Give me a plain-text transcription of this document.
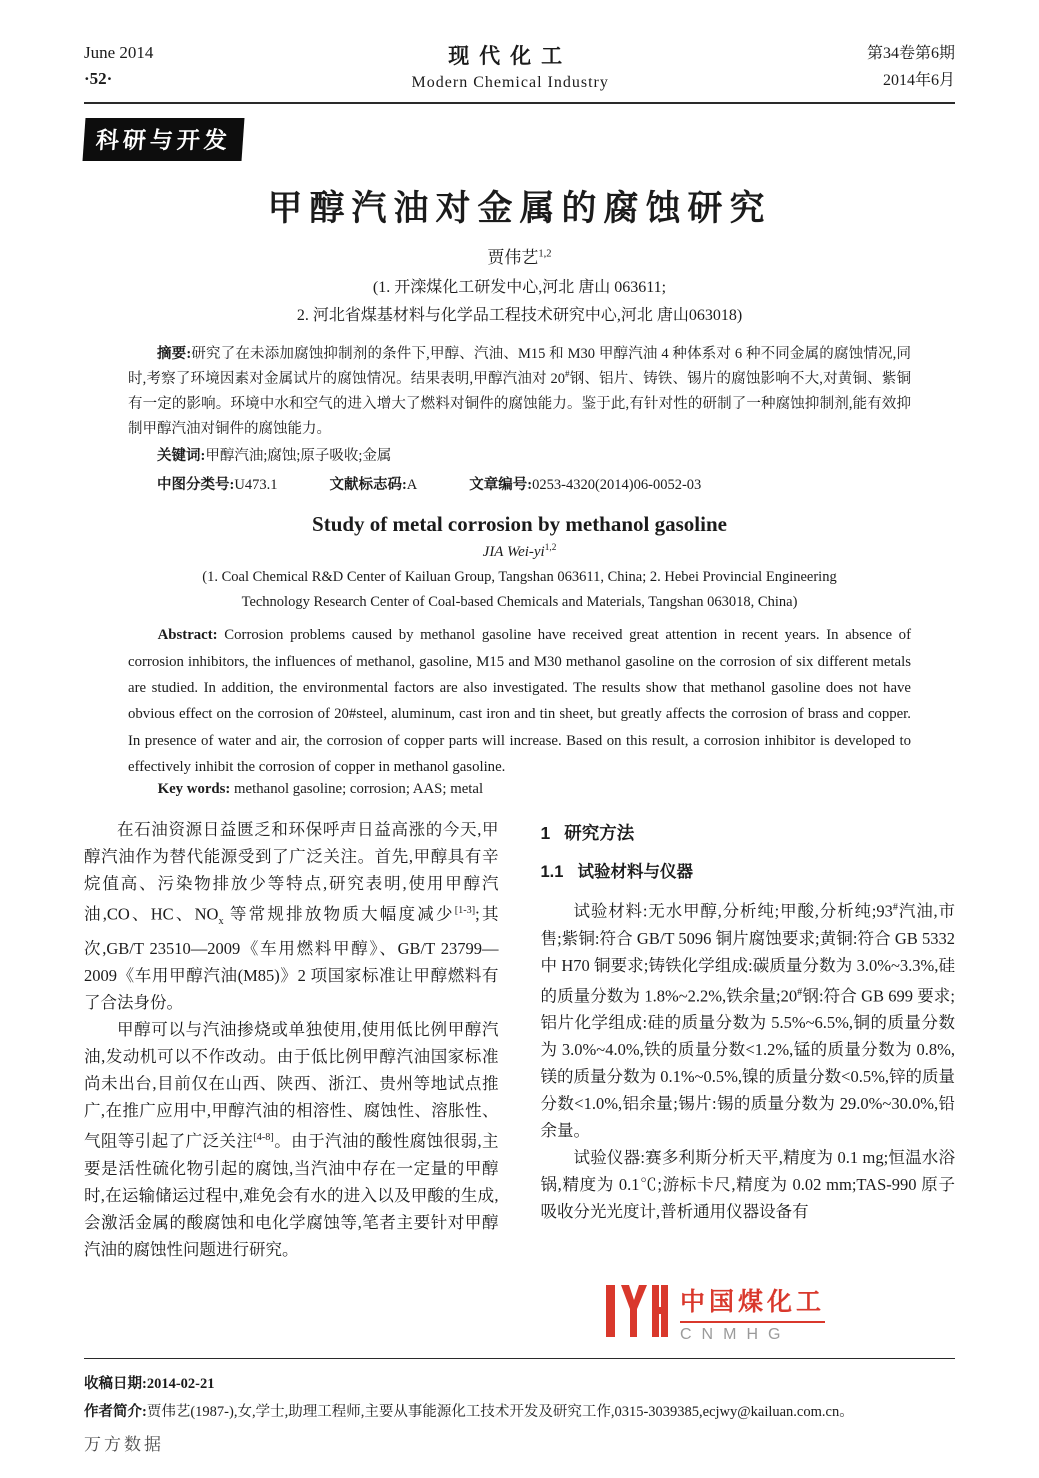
June 2014
·52·
现代化工
Modern Chemical Industry
第34卷第6期
2014年6月
科研与开发
甲醇汽油对金属的腐蚀研究
贾伟艺$^{1,2}$
(1. 开滦煤化工研发中心,河北 唐山 063611;
2. 河北省煤基材料与化学品工程技术研究中心,河北 唐山063018)
摘要:研究了在未添加腐蚀抑制剂的条件下,甲醇、汽油、M15 和 M30 甲醇汽油 4 种体系对 6 种不同金属的腐蚀情况,同时,考察了环境因素对金属试片的腐蚀情况。结果表明,甲醇汽油对 20#钢、铝片、铸铁、锡片的腐蚀影响不大,对黄铜、紫铜有一定的影响。环境中水和空气的进入增大了燃料对铜件的腐蚀能力。鉴于此,有针对性的研制了一种腐蚀抑制剂,能有效抑制甲醇汽油对铜件的腐蚀能力。
关键词:甲醇汽油;腐蚀;原子吸收;金属
中图分类号:U473.1	文献标志码:A	文章编号:0253-4320(2014)06-0052-03
Study of metal corrosion by methanol gasoline
JIA Wei-yi$^{1,2}$
(1. Coal Chemical R&D Center of Kailuan Group, Tangshan 063611, China; 2. Hebei Provincial Engineering
Technology Research Center of Coal-based Chemicals and Materials, Tangshan 063018, China)
Abstract: Corrosion problems caused by methanol gasoline have received great attention in recent years. In absence of corrosion inhibitors, the influences of methanol, gasoline, M15 and M30 methanol gasoline on the corrosion of six different metals are studied. In addition, the environmental factors are also investigated. The results show that methanol gasoline does not have obvious effect on the corrosion of 20#steel, aluminum, cast iron and tin sheet, but greatly affects the corrosion of brass and copper. In presence of water and air, the corrosion of copper parts will increase. Based on this result, a corrosion inhibitor is developed to effectively inhibit the corrosion of copper in methanol gasoline.
Key words: methanol gasoline; corrosion; AAS; metal

在石油资源日益匮乏和环保呼声日益高涨的今天,甲醇汽油作为替代能源受到了广泛关注。首先,甲醇具有辛烷值高、污染物排放少等特点,研究表明,使用甲醇汽油,CO、HC、$NO_x$ 等常规排放物质大幅度减少[1-3];其次,GB/T 23510—2009《车用燃料甲醇》、GB/T 23799—2009《车用甲醇汽油(M85)》2 项国家标准让甲醇燃料有了合法身份。

甲醇可以与汽油掺烧或单独使用,使用低比例甲醇汽油,发动机可以不作改动。由于低比例甲醇汽油国家标准尚未出台,目前仅在山西、陕西、浙江、贵州等地试点推广,在推广应用中,甲醇汽油的相溶性、腐蚀性、溶胀性、气阻等引起了广泛关注[4-8]。由于汽油的酸性腐蚀很弱,主要是活性硫化物引起的腐蚀,当汽油中存在一定量的甲醇时,在运输储运过程中,难免会有水的进入以及甲酸的生成,会激活金属的酸腐蚀和电化学腐蚀等,笔者主要针对甲醇汽油的腐蚀性问题进行研究。

1 研究方法
1.1 试验材料与仪器

试验材料:无水甲醇,分析纯;甲酸,分析纯;93#汽油,市售;紫铜:符合 GB/T 5096 铜片腐蚀要求;黄铜:符合 GB 5332 中 H70 铜要求;铸铁化学组成:碳质量分数为 3.0%~3.3%,硅的质量分数为 1.8%~2.2%,铁余量;20#钢:符合 GB 699 要求;铝片化学组成:硅的质量分数为 5.5%~6.5%,铜的质量分数为 3.0%~4.0%,铁的质量分数<1.2%,锰的质量分数为 0.8%,镁的质量分数为 0.1%~0.5%,镍的质量分数<0.5%,锌的质量分数<1.0%,铝余量;锡片:锡的质量分数为 29.0%~30.0%,铅余量。

试验仪器:赛多利斯分析天平,精度为 0.1 mg;恒温水浴锅,精度为 0.1℃;游标卡尺,精度为 0.02 mm;TAS-990 原子吸收分光光度计,普析通用仪器设备有

中国煤化工
CNMHG
收稿日期:2014-02-21
作者简介:贾伟艺(1987-),女,学士,助理工程师,主要从事能源化工技术开发及研究工作,0315-3039385,ecjwy@kailuan.com.cn。
万方数据
